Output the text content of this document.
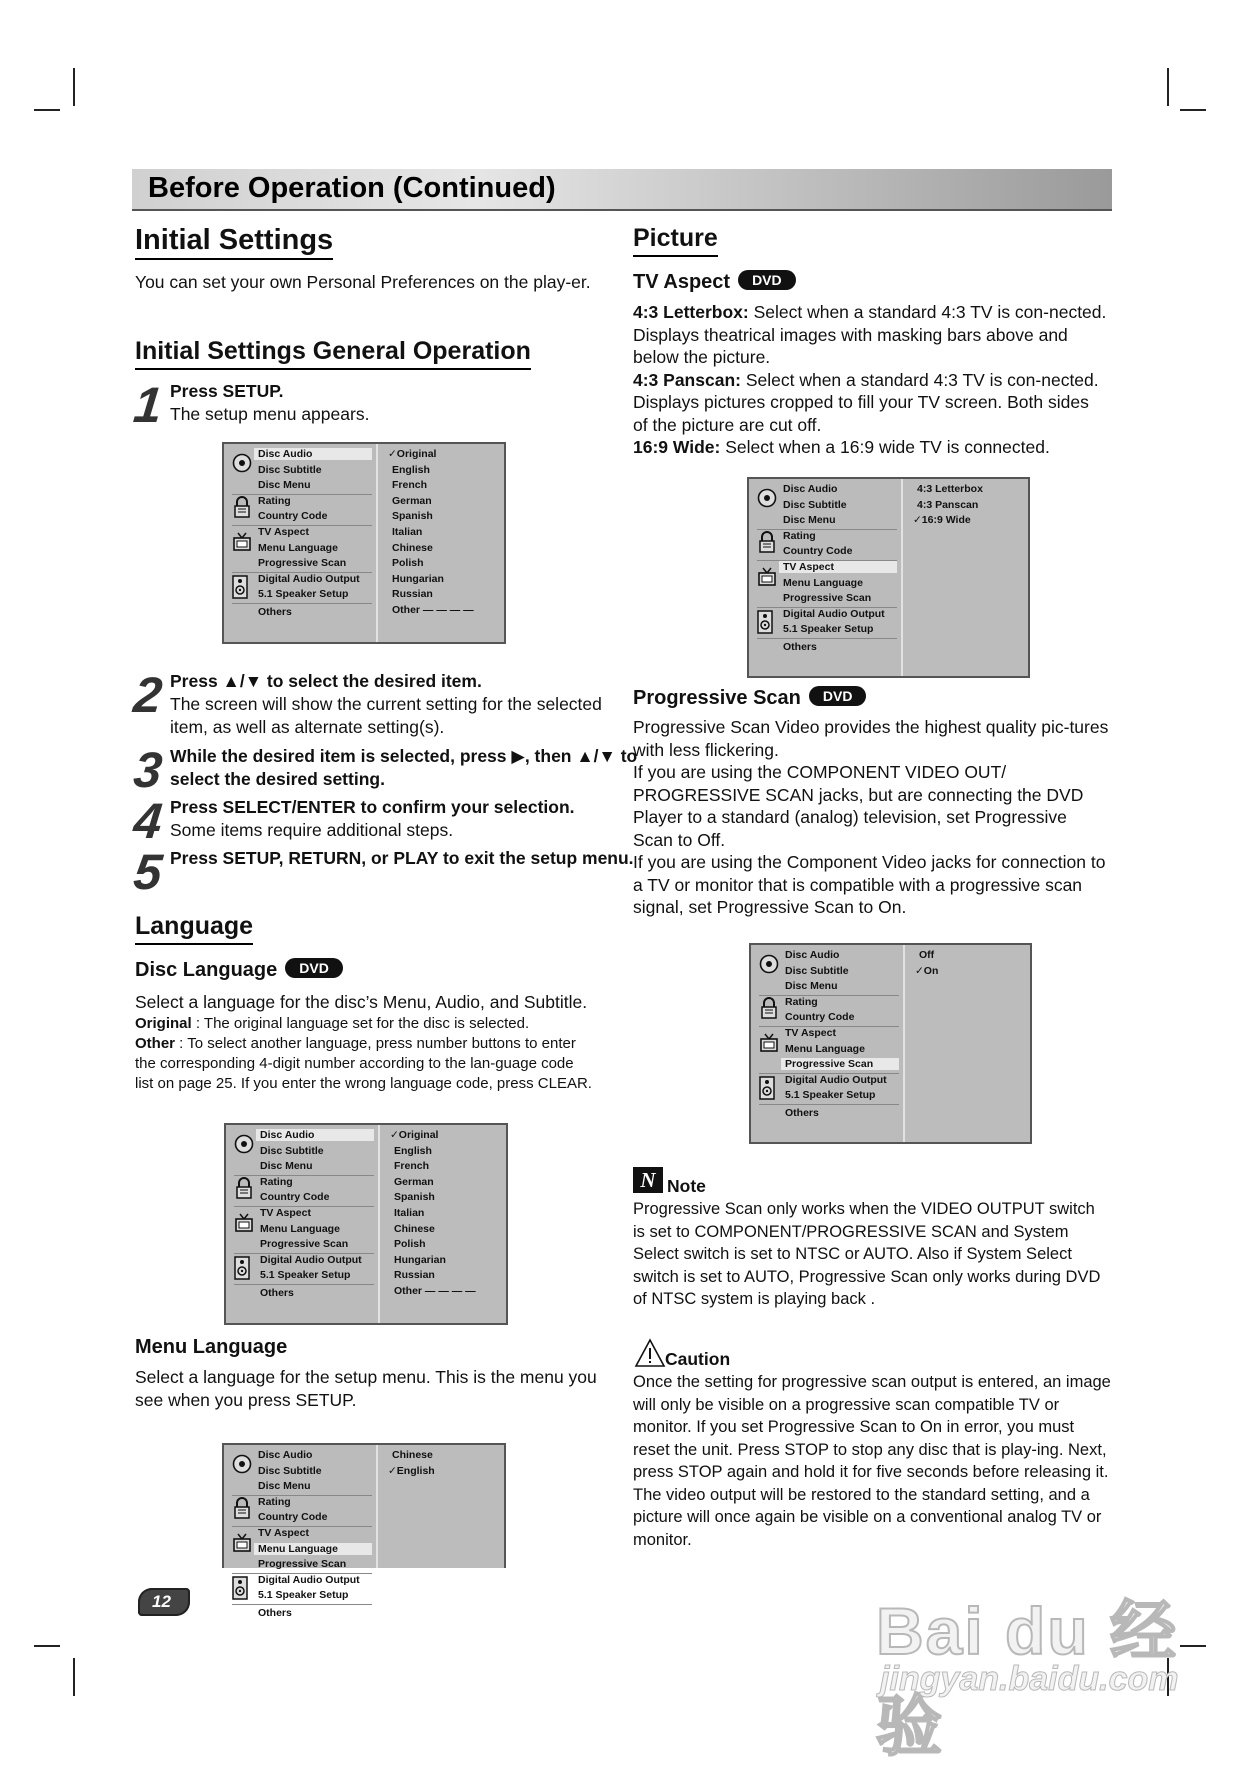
Before Operation (Continued)
Initial Settings
You can set your own Personal Preferences on the play-er.
Initial Settings General Operation
1 Press SETUP.
The setup menu appears.
Disc Audio
Disc Subtitle
Disc Menu
Rating
Country Code
TV Aspect
Menu Language
Progressive Scan
Digital Audio Output
5.1 Speaker Setup
Others
✓Original
English
French
German
Spanish
Italian
Chinese
Polish
Hungarian
Russian
Other — — — —
2 Press ▲/▼ to select the desired item.
The screen will show the current setting for the selected item, as well as alternate setting(s).
3 While the desired item is selected, press ▶, then ▲/▼ to select the desired setting.
4 Press SELECT/ENTER to confirm your selection.
Some items require additional steps.
5 Press SETUP, RETURN, or PLAY to exit the setup menu.
Language
Disc Language DVD
Select a language for the disc’s Menu, Audio, and Subtitle.
Original : The original language set for the disc is selected.
Other : To select another language, press number buttons to enter the corresponding 4-digit number according to the lan-guage code list on page 25. If you enter the wrong language code, press CLEAR.
Disc Audio
Disc Subtitle
Disc Menu
Rating
Country Code
TV Aspect
Menu Language
Progressive Scan
Digital Audio Output
5.1 Speaker Setup
Others
✓Original
English
French
German
Spanish
Italian
Chinese
Polish
Hungarian
Russian
Other — — — —
Menu Language
Select a language for the setup menu. This is the menu you see when you press SETUP.
Disc Audio
Disc Subtitle
Disc Menu
Rating
Country Code
TV Aspect
Menu Language
Progressive Scan
Digital Audio Output
5.1 Speaker Setup
Others
Chinese
✓English
12
Picture
TV Aspect DVD
4:3 Letterbox: Select when a standard 4:3 TV is con-nected. Displays theatrical images with masking bars above and below the picture.
4:3 Panscan: Select when a standard 4:3 TV is con-nected. Displays pictures cropped to fill your TV screen. Both sides of the picture are cut off.
16:9 Wide: Select when a 16:9 wide TV is connected.
Disc Audio
Disc Subtitle
Disc Menu
Rating
Country Code
TV Aspect
Menu Language
Progressive Scan
Digital Audio Output
5.1 Speaker Setup
Others
4:3 Letterbox
4:3 Panscan
✓16:9 Wide
Progressive Scan DVD
Progressive Scan Video provides the highest quality pic-tures with less flickering.
If you are using the COMPONENT VIDEO OUT/ PROGRESSIVE SCAN jacks, but are connecting the DVD Player to a standard (analog) television, set Progressive Scan to Off.
If you are using the Component Video jacks for connection to a TV or monitor that is compatible with a progressive scan signal, set Progressive Scan to On.
Disc Audio
Disc Subtitle
Disc Menu
Rating
Country Code
TV Aspect
Menu Language
Progressive Scan
Digital Audio Output
5.1 Speaker Setup
Others
Off
✓On
N Note
Progressive Scan only works when the VIDEO OUTPUT switch is set to COMPONENT/PROGRESSIVE SCAN and System Select switch is set to NTSC or AUTO. Also if System Select switch is set to AUTO, Progressive Scan only works during DVD of NTSC system is playing back .
Caution
Once the setting for progressive scan output is entered, an image will only be visible on a progressive scan compatible TV or monitor. If you set Progressive Scan to On in error, you must reset the unit. Press STOP to stop any disc that is play-ing. Next, press STOP again and hold it for five seconds before releasing it. The video output will be restored to the standard setting, and a picture will once again be visible on a conventional analog TV or monitor.
Bai du 经验
jingyan.baidu.com
